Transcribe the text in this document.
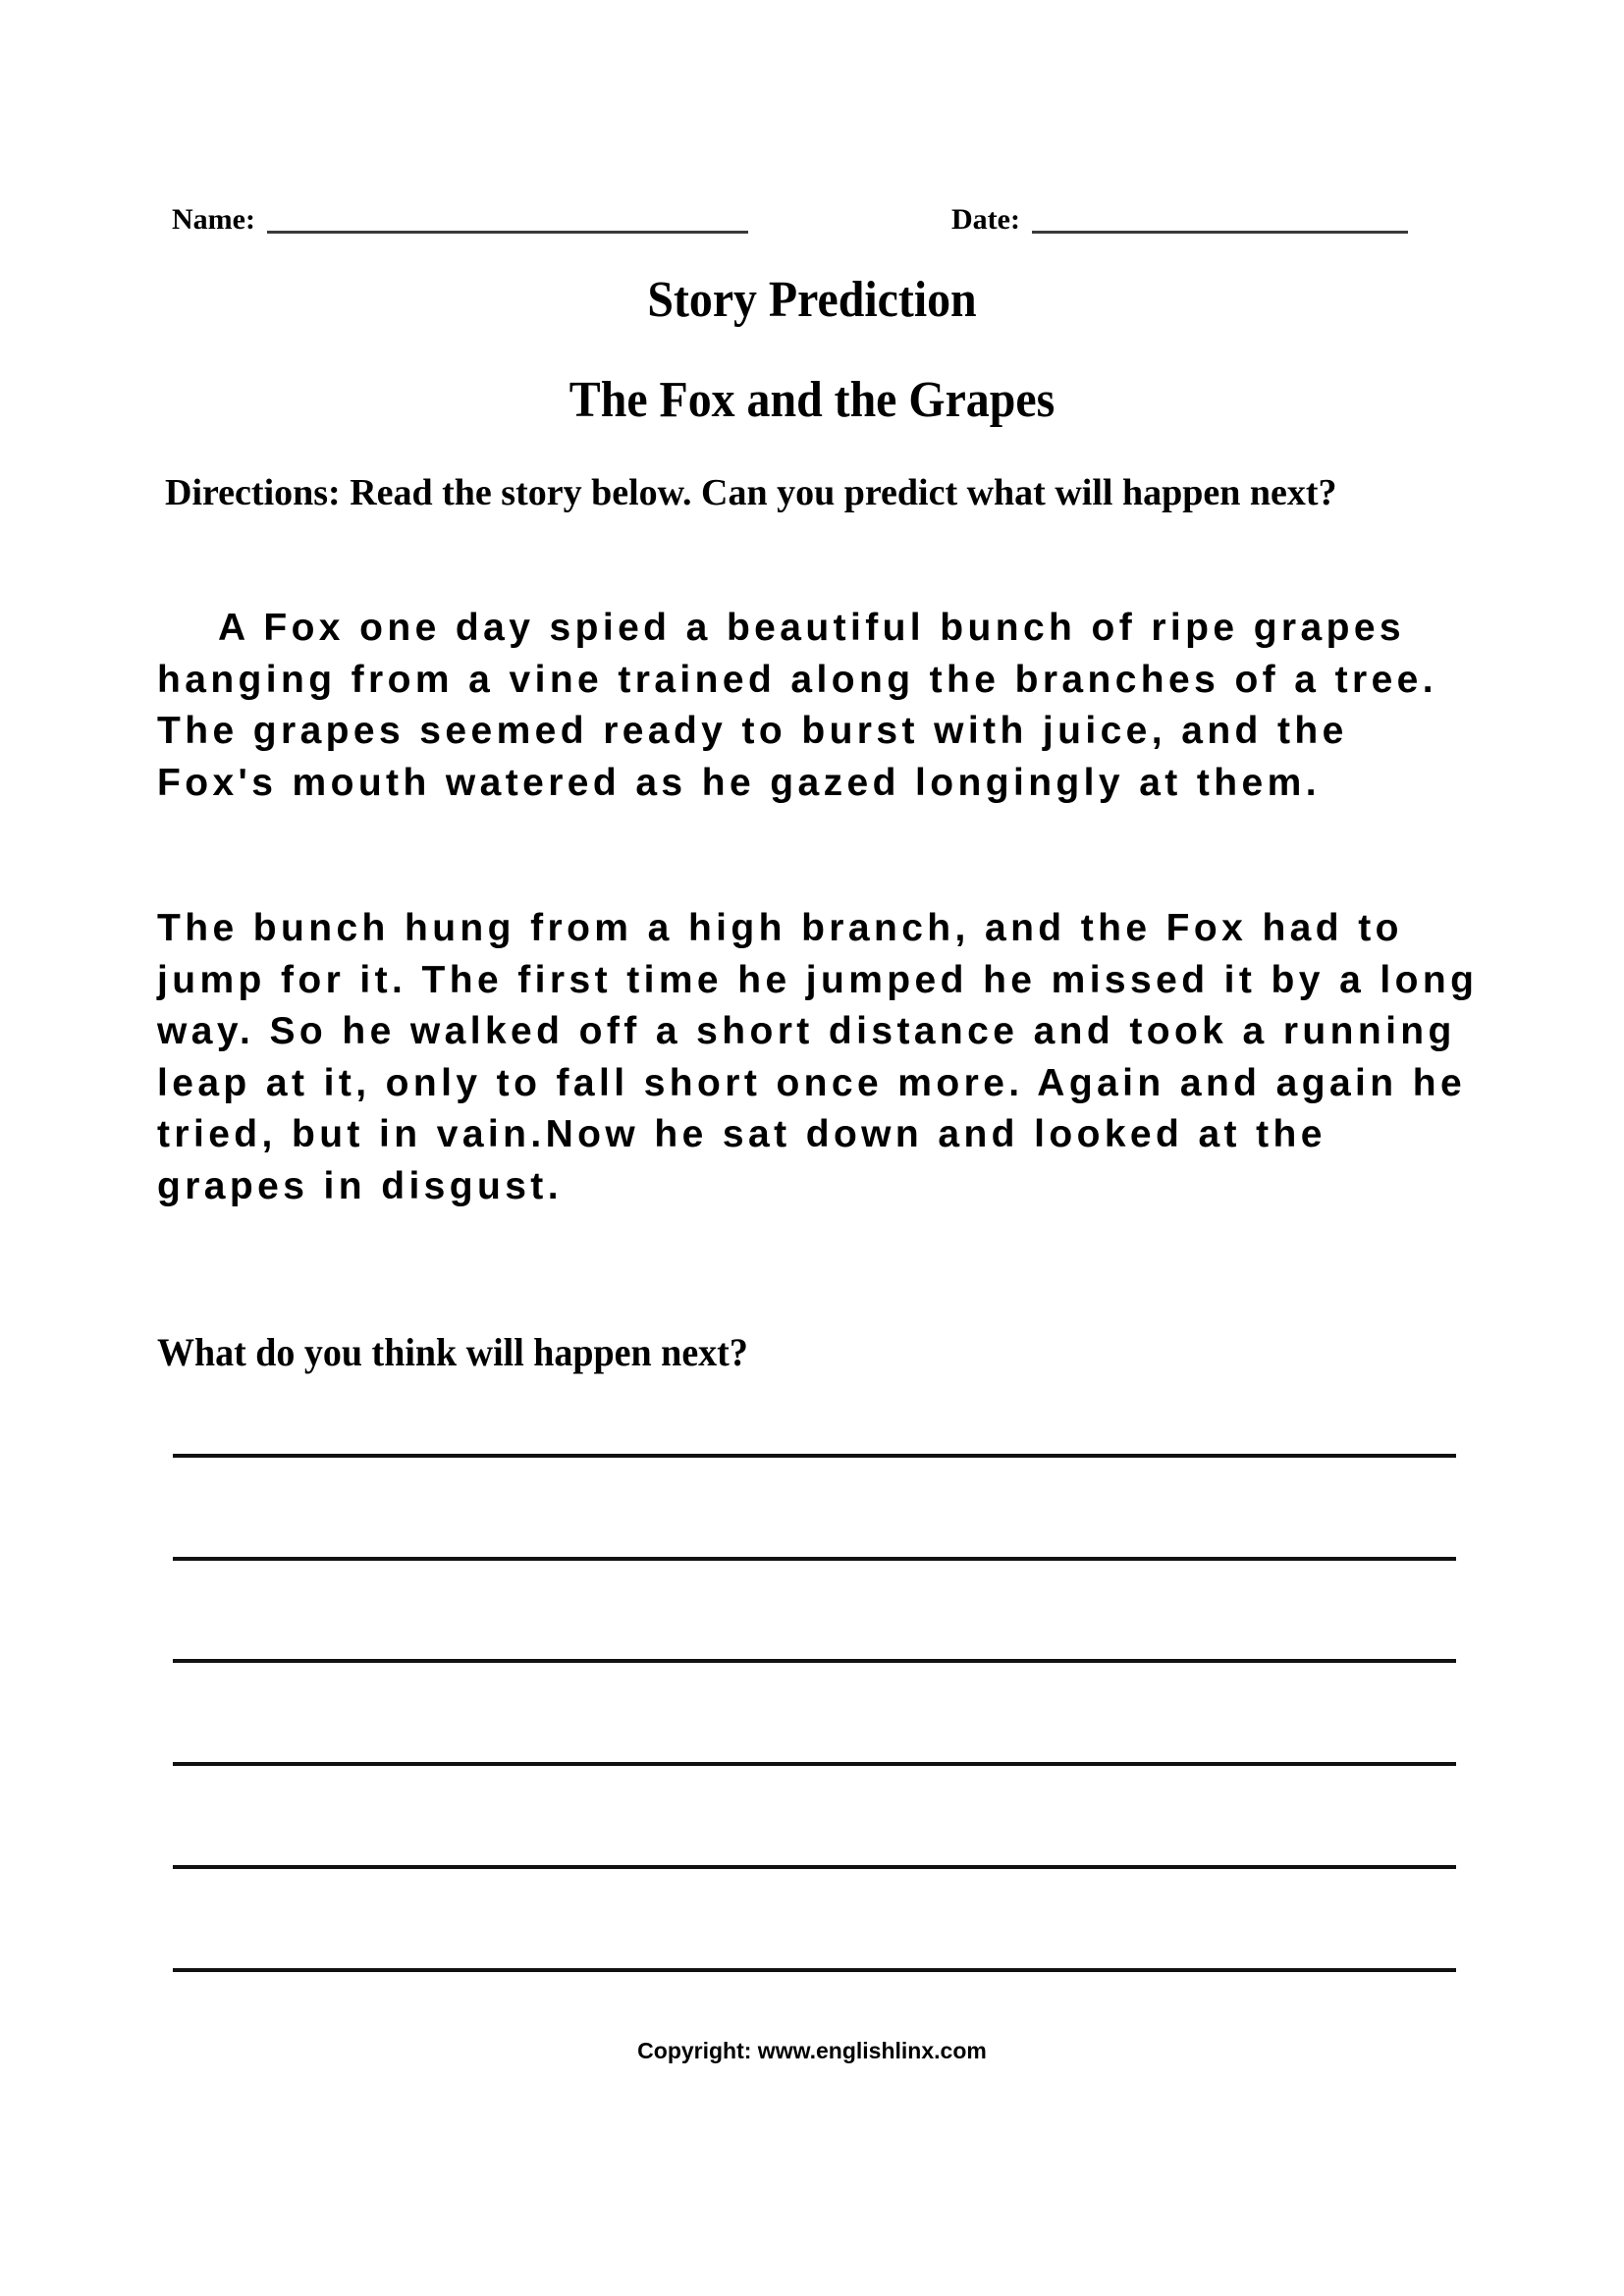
Name:	Date:
Story Prediction
The Fox and the Grapes
Directions: Read the story below. Can you predict what will happen next?

A Fox one day spied a beautiful bunch of ripe grapes hanging from a vine trained along the branches of a tree. The grapes seemed ready to burst with juice, and the Fox's mouth watered as he gazed longingly at them.

The bunch hung from a high branch, and the Fox had to jump for it. The first time he jumped he missed it by a long way. So he walked off a short distance and took a running leap at it, only to fall short once more. Again and again he tried, but in vain.Now he sat down and looked at the grapes in disgust.

What do you think will happen next?
Copyright: www.englishlinx.com
